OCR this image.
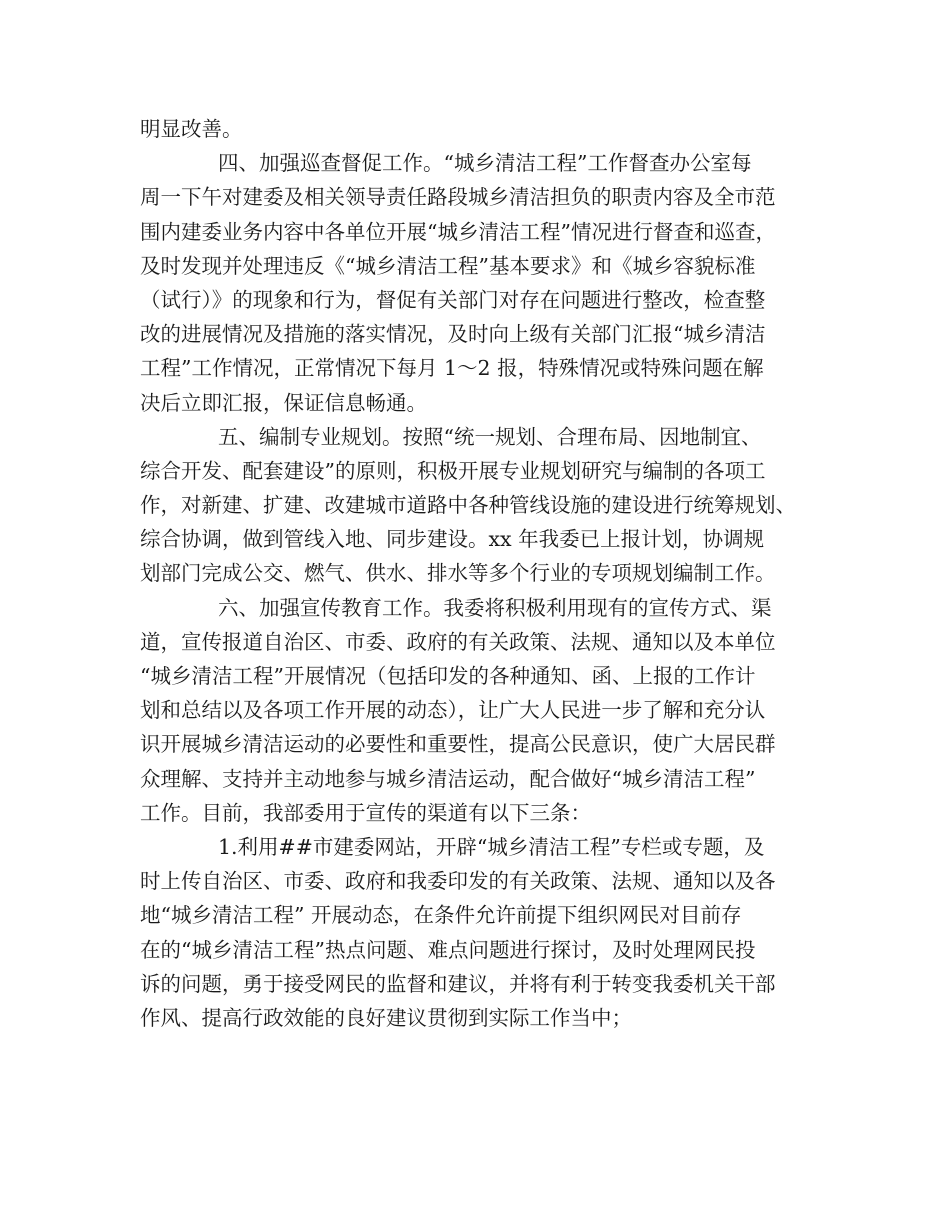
明显改善。
四、加强巡查督促工作。“城乡清洁工程”工作督查办公室每
周一下午对建委及相关领导责任路段城乡清洁担负的职责内容及全市范
围内建委业务内容中各单位开展“城乡清洁工程”情况进行督查和巡查，
及时发现并处理违反《“城乡清洁工程”基本要求》和《城乡容貌标准
（试行）》的现象和行为，督促有关部门对存在问题进行整改，检查整
改的进展情况及措施的落实情况，及时向上级有关部门汇报“城乡清洁
工程”工作情况，正常情况下每月 1～2 报，特殊情况或特殊问题在解
决后立即汇报，保证信息畅通。
五、编制专业规划。按照“统一规划、合理布局、因地制宜、
综合开发、配套建设”的原则，积极开展专业规划研究与编制的各项工
作，对新建、扩建、改建城市道路中各种管线设施的建设进行统筹规划、
综合协调，做到管线入地、同步建设。xx 年我委已上报计划，协调规
划部门完成公交、燃气、供水、排水等多个行业的专项规划编制工作。
六、加强宣传教育工作。我委将积极利用现有的宣传方式、渠
道，宣传报道自治区、市委、政府的有关政策、法规、通知以及本单位
“城乡清洁工程”开展情况（包括印发的各种通知、函、上报的工作计
划和总结以及各项工作开展的动态），让广大人民进一步了解和充分认
识开展城乡清洁运动的必要性和重要性，提高公民意识，使广大居民群
众理解、支持并主动地参与城乡清洁运动，配合做好“城乡清洁工程”
工作。目前，我部委用于宣传的渠道有以下三条：
1.利用##市建委网站，开辟“城乡清洁工程”专栏或专题，及
时上传自治区、市委、政府和我委印发的有关政策、法规、通知以及各
地“城乡清洁工程” 开展动态，在条件允许前提下组织网民对目前存
在的“城乡清洁工程”热点问题、难点问题进行探讨，及时处理网民投
诉的问题，勇于接受网民的监督和建议，并将有利于转变我委机关干部
作风、提高行政效能的良好建议贯彻到实际工作当中；
